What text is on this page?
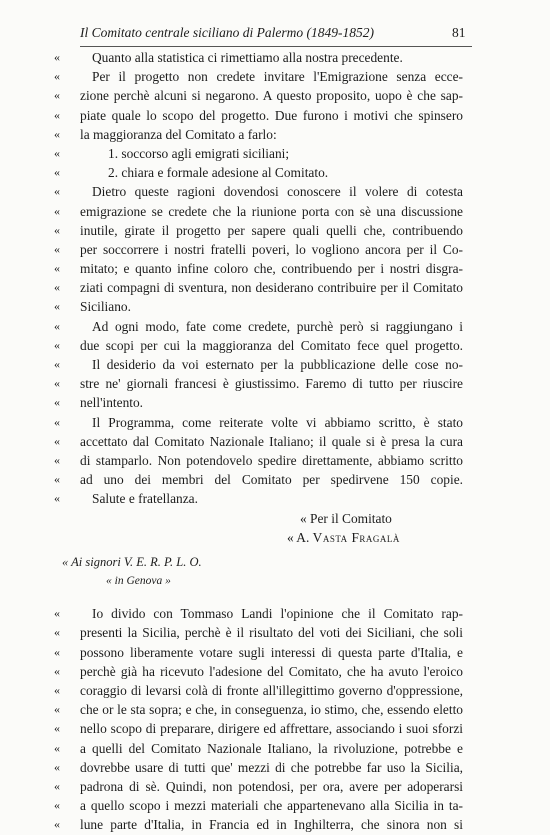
Il Comitato centrale siciliano di Palermo (1849-1852)	81
« Quanto alla statistica ci rimettiamo alla nostra precedente.
« Per il progetto non credete invitare l'Emigrazione senza ecce-
« zione perchè alcuni si negarono. A questo proposito, uopo è che sap-
« piate quale lo scopo del progetto. Due furono i motivi che spinsero
« la maggioranza del Comitato a farlo:
«	1. soccorso agli emigrati siciliani;
«	2. chiara e formale adesione al Comitato.
« Dietro queste ragioni dovendosi conoscere il volere di cotesta
« emigrazione se credete che la riunione porta con sè una discussione
« inutile, girate il progetto per sapere quali quelli che, contribuendo
« per soccorrere i nostri fratelli poveri, lo vogliono ancora per il Co-
« mitato; e quanto infine coloro che, contribuendo per i nostri disgra-
« ziati compagni di sventura, non desiderano contribuire per il Comitato
« Siciliano.
« Ad ogni modo, fate come credete, purchè però si raggiungano i
« due scopi per cui la maggioranza del Comitato fece quel progetto.
« Il desiderio da voi esternato per la pubblicazione delle cose no-
« stre ne' giornali francesi è giustissimo. Faremo di tutto per riuscire
« nell'intento.
« Il Programma, come reiterate volte vi abbiamo scritto, è stato
« accettato dal Comitato Nazionale Italiano; il quale si è presa la cura
« di stamparlo. Non potendovelo spedire direttamente, abbiamo scritto
« ad uno dei membri del Comitato per spedirvene 150 copie.
« Salute e fratellanza.
« Per il Comitato
« A. Vasta Fragalà
« Ai signori V. E. R. P. L. O.
« in Genova »
« Io divido con Tommaso Landi l'opinione che il Comitato rap-
« presenti la Sicilia, perchè è il risultato del voti dei Siciliani, che soli
« possono liberamente votare sugli interessi di questa parte d'Italia, e
« perchè già ha ricevuto l'adesione del Comitato, che ha avuto l'eroico
« coraggio di levarsi colà di fronte all'illegittimo governo d'oppressione,
« che or le sta sopra; e che, in conseguenza, io stimo, che, essendo eletto
« nello scopo di preparare, dirigere ed affrettare, associando i suoi sforzi
« a quelli del Comitato Nazionale Italiano, la rivoluzione, potrebbe e
« dovrebbe usare di tutti que' mezzi di che potrebbe far uso la Sicilia,
« padrona di sè. Quindi, non potendosi, per ora, avere per adoperarsi
« a quello scopo i mezzi materiali che appartenevano alla Sicilia in ta-
« lune parte d'Italia, in Francia ed in Inghilterra, che sinora non si
